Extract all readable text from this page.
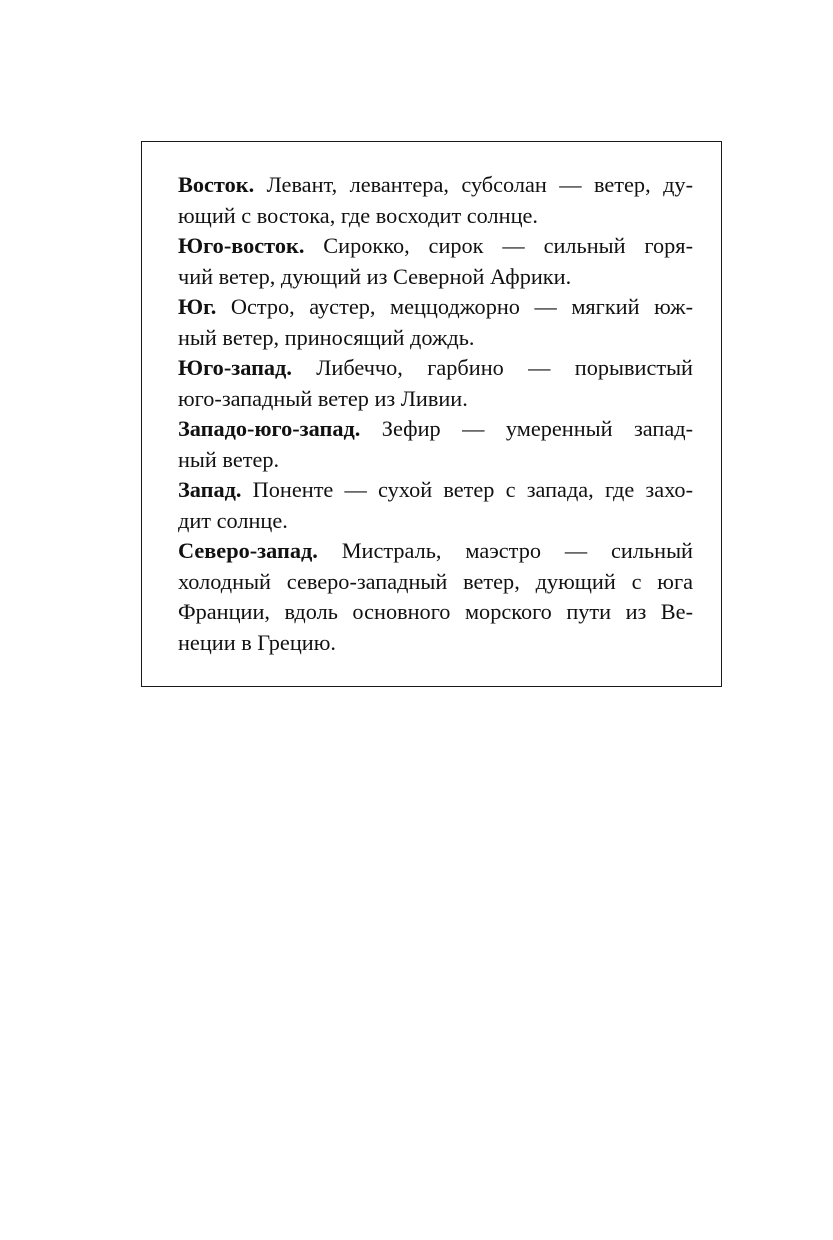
Восток. Левант, левантера, субсолан — ветер, ду-
ющий с востока, где восходит солнце.

Юго-восток. Сирокко, сирок — сильный горя-
чий ветер, дующий из Северной Африки.

Юг. Остро, аустер, меццоджорно — мягкий юж-
ный ветер, приносящий дождь.

Юго-запад. Либеччо, гарбино — порывистый
юго-западный ветер из Ливии.

Западо-юго-запад. Зефир — умеренный запад-
ный ветер.

Запад. Поненте — сухой ветер с запада, где захо-
дит солнце.

Северо-запад. Мистраль, маэстро — сильный
холодный северо-западный ветер, дующий с юга
Франции, вдоль основного морского пути из Ве-
неции в Грецию.
